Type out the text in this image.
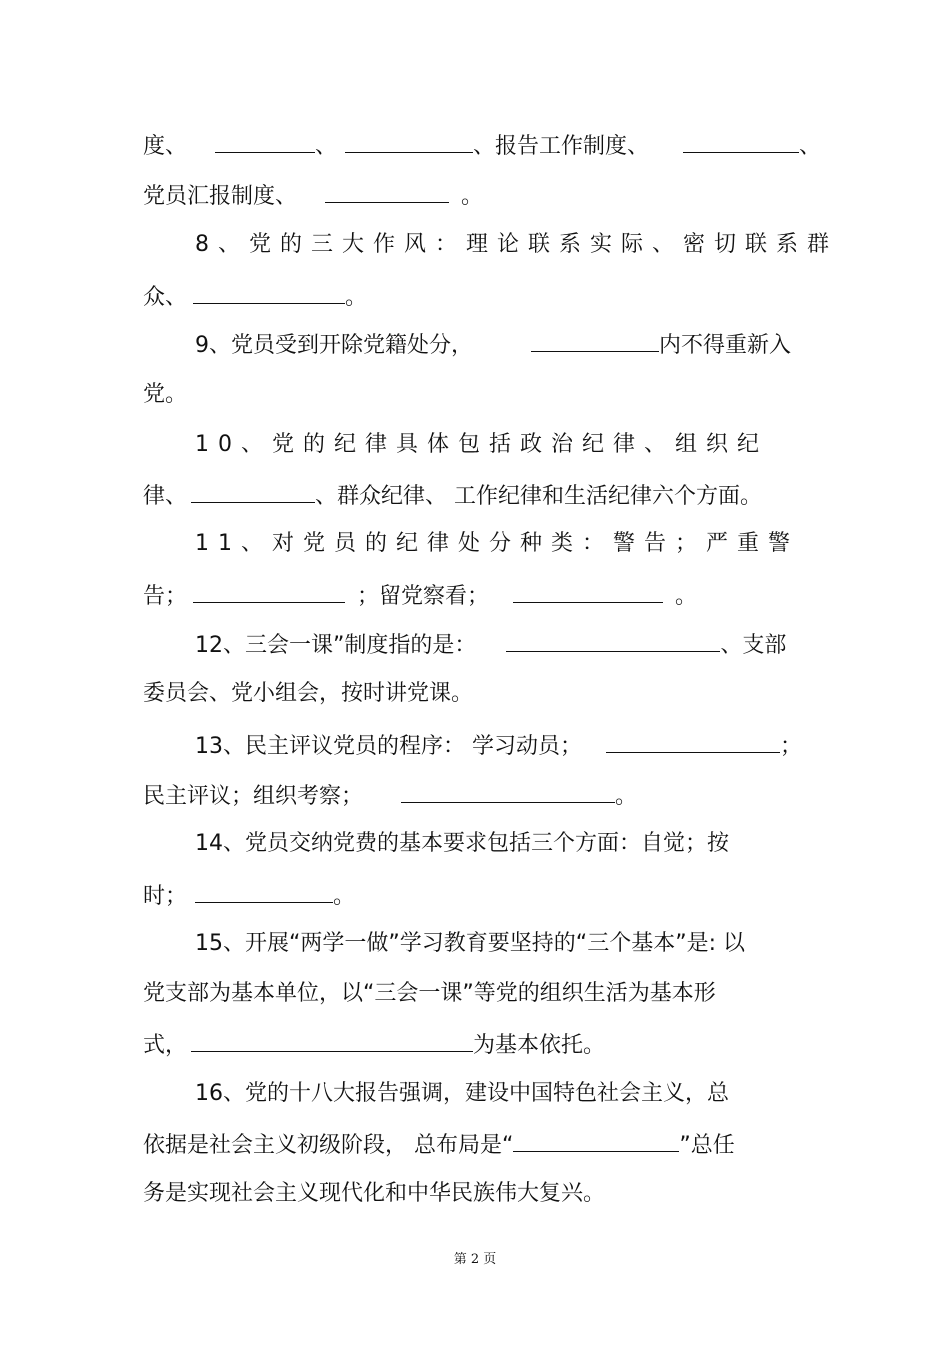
度、	、	、报告工作制度、	、
党员汇报制度、	。
8、党的三大作风：理论联系实际、密切联系群
众、	。
9、党员受到开除党籍处分，	内不得重新入
党。
10、党的纪律具体包括政治纪律、组织纪
律、	、群众纪律、 工作纪律和生活纪律六个方面。
11、对党员的纪律处分种类：警告；严重警
告；	；留党察看；	。
12、三会一课”制度指的是：	、支部
委员会、党小组会，按时讲党课。
13、民主评议党员的程序： 学习动员；	；
民主评议；组织考察；	。
14、党员交纳党费的基本要求包括三个方面：自觉；按
时；	。
15、开展“两学一做”学习教育要坚持的“三个基本”是: 以
党支部为基本单位，以“三会一课”等党的组织生活为基本形
式，	为基本依托。
16、党的十八大报告强调，建设中国特色社会主义，总
依据是社会主义初级阶段， 总布局是“	”总任
务是实现社会主义现代化和中华民族伟大复兴。
第 2 页
